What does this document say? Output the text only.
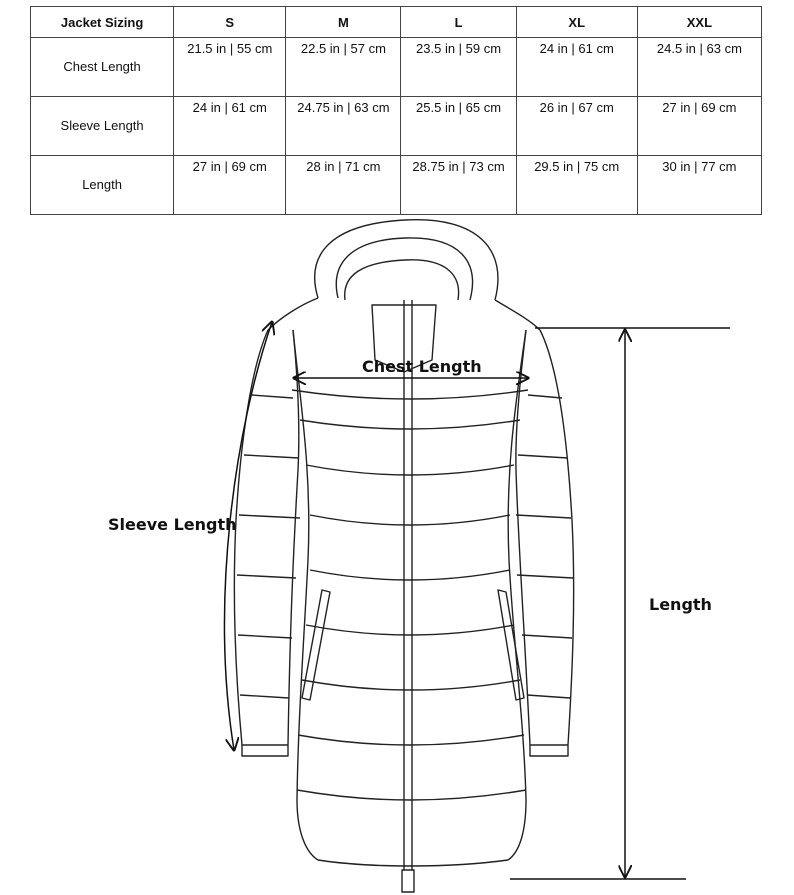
Jacket Sizing	S	M	L	XL	XXL
Chest Length	21.5 in | 55 cm	22.5 in | 57 cm	23.5 in | 59 cm	24 in | 61 cm	24.5 in | 63 cm
Sleeve Length	24 in | 61 cm	24.75 in | 63 cm	25.5 in | 65 cm	26 in | 67 cm	27 in | 69 cm
Length	27 in | 69 cm	28 in | 71 cm	28.75 in | 73 cm	29.5 in | 75 cm	30 in | 77 cm
Chest Length
Sleeve Length
Length
